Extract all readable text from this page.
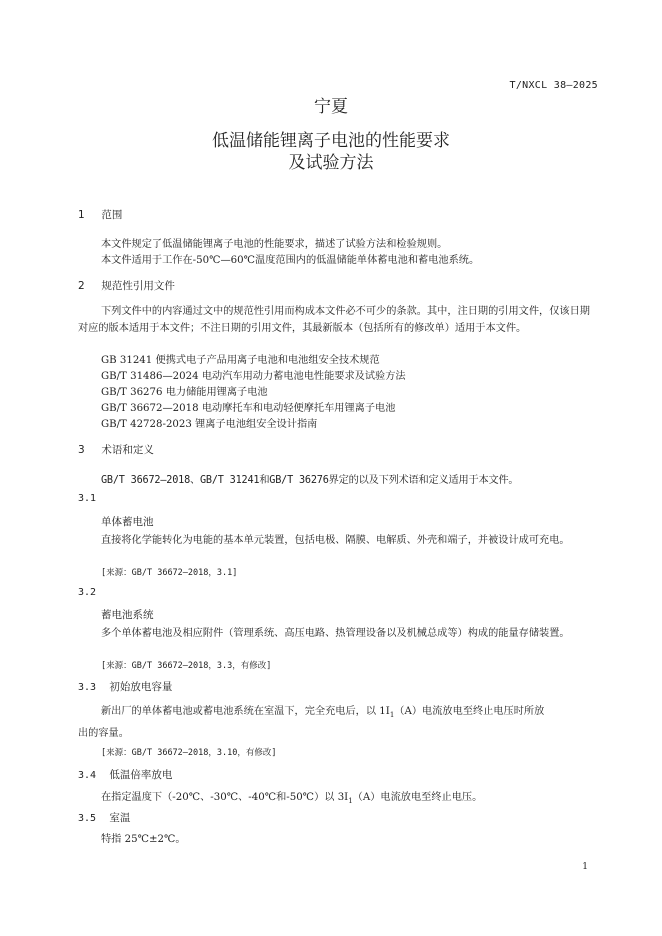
T/NXCL 38—2025
宁夏
低温储能锂离子电池的性能要求
及试验方法
1 范围
本文件规定了低温储能锂离子电池的性能要求，描述了试验方法和检验规则。
本文件适用于工作在-50℃—60℃温度范围内的低温储能单体蓄电池和蓄电池系统。
2 规范性引用文件
下列文件中的内容通过文中的规范性引用而构成本文件必不可少的条款。其中，注日期的引用文件，仅该日期对应的版本适用于本文件；不注日期的引用文件，其最新版本（包括所有的修改单）适用于本文件。
GB 31241 便携式电子产品用离子电池和电池组安全技术规范
GB/T 31486—2024 电动汽车用动力蓄电池电性能要求及试验方法
GB/T 36276 电力储能用锂离子电池
GB/T 36672—2018 电动摩托车和电动轻便摩托车用锂离子电池
GB/T 42728-2023 锂离子电池组安全设计指南
3 术语和定义
GB/T 36672—2018、GB/T 31241和GB/T 36276界定的以及下列术语和定义适用于本文件。
3.1
单体蓄电池
直接将化学能转化为电能的基本单元装置，包括电极、隔膜、电解质、外壳和端子，并被设计成可充电。
[来源：GB/T 36672—2018，3.1]
3.2
蓄电池系统
多个单体蓄电池及相应附件（管理系统、高压电路、热管理设备以及机械总成等）构成的能量存储装置。
[来源：GB/T 36672—2018，3.3，有修改]
3.3 初始放电容量
新出厂的单体蓄电池或蓄电池系统在室温下，完全充电后，以 $1I_1(A)$电流放电至终止电压时所放
出的容量。
[来源：GB/T 36672—2018，3.10，有修改]
3.4 低温倍率放电
在指定温度下（-20℃、-30℃、-40℃和-50℃）以 $3I_1(A)$电流放电至终止电压。
3.5 室温
特指 25℃±2℃。
1
